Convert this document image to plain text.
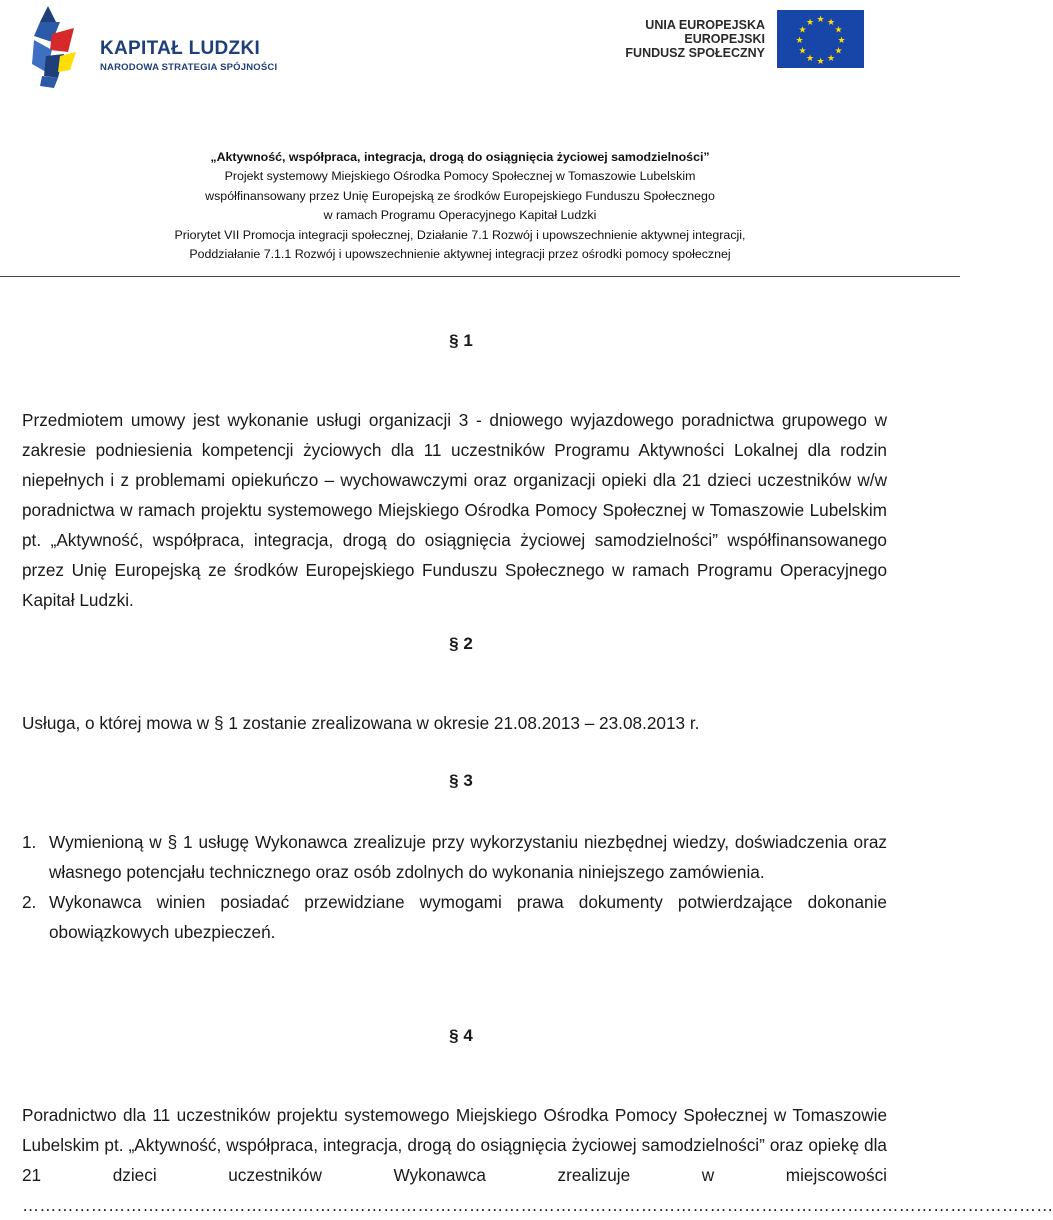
KAPITAŁ LUDZKI
NARODOWA STRATEGIA SPÓJNOŚCI
UNIA EUROPEJSKA
EUROPEJSKI
FUNDUSZ SPOŁECZNY
★ ★
★
★
★
★
★
★
★
★
★
★
„Aktywność, współpraca, integracja, drogą do osiągnięcia życiowej samodzielności”
Projekt systemowy Miejskiego Ośrodka Pomocy Społecznej w Tomaszowie Lubelskim
współfinansowany przez Unię Europejską ze środków Europejskiego Funduszu Społecznego
w ramach Programu Operacyjnego Kapitał Ludzki
Priorytet VII Promocja integracji społecznej, Działanie 7.1 Rozwój i upowszechnienie aktywnej integracji,
Poddziałanie 7.1.1 Rozwój i upowszechnienie aktywnej integracji przez ośrodki pomocy społecznej
§ 1
Przedmiotem umowy jest wykonanie usługi organizacji 3 - dniowego wyjazdowego poradnictwa grupowego w zakresie podniesienia kompetencji życiowych dla 11 uczestników Programu Aktywności Lokalnej dla rodzin niepełnych i z problemami opiekuńczo – wychowawczymi oraz organizacji opieki dla 21 dzieci uczestników w/w poradnictwa w ramach projektu systemowego Miejskiego Ośrodka Pomocy Społecznej w Tomaszowie Lubelskim pt. „Aktywność, współpraca, integracja, drogą do osiągnięcia życiowej samodzielności” współfinansowanego przez Unię Europejską ze środków Europejskiego Funduszu Społecznego w ramach Programu Operacyjnego Kapitał Ludzki.
§ 2
Usługa, o której mowa w § 1 zostanie zrealizowana w okresie 21.08.2013 – 23.08.2013 r.
§ 3
1. Wymienioną w § 1 usługę Wykonawca zrealizuje przy wykorzystaniu niezbędnej wiedzy, doświadczenia oraz własnego potencjału technicznego oraz osób zdolnych do wykonania niniejszego zamówienia.
2. Wykonawca winien posiadać przewidziane wymogami prawa dokumenty potwierdzające dokonanie obowiązkowych ubezpieczeń.
§ 4
Poradnictwo dla 11 uczestników projektu systemowego Miejskiego Ośrodka Pomocy Społecznej w Tomaszowie Lubelskim pt. „Aktywność, współpraca, integracja, drogą do osiągnięcia życiowej samodzielności” oraz opiekę dla 21 dzieci uczestników Wykonawca zrealizuje w miejscowości ………………………………………………………………………………………………………………………………………………………………
